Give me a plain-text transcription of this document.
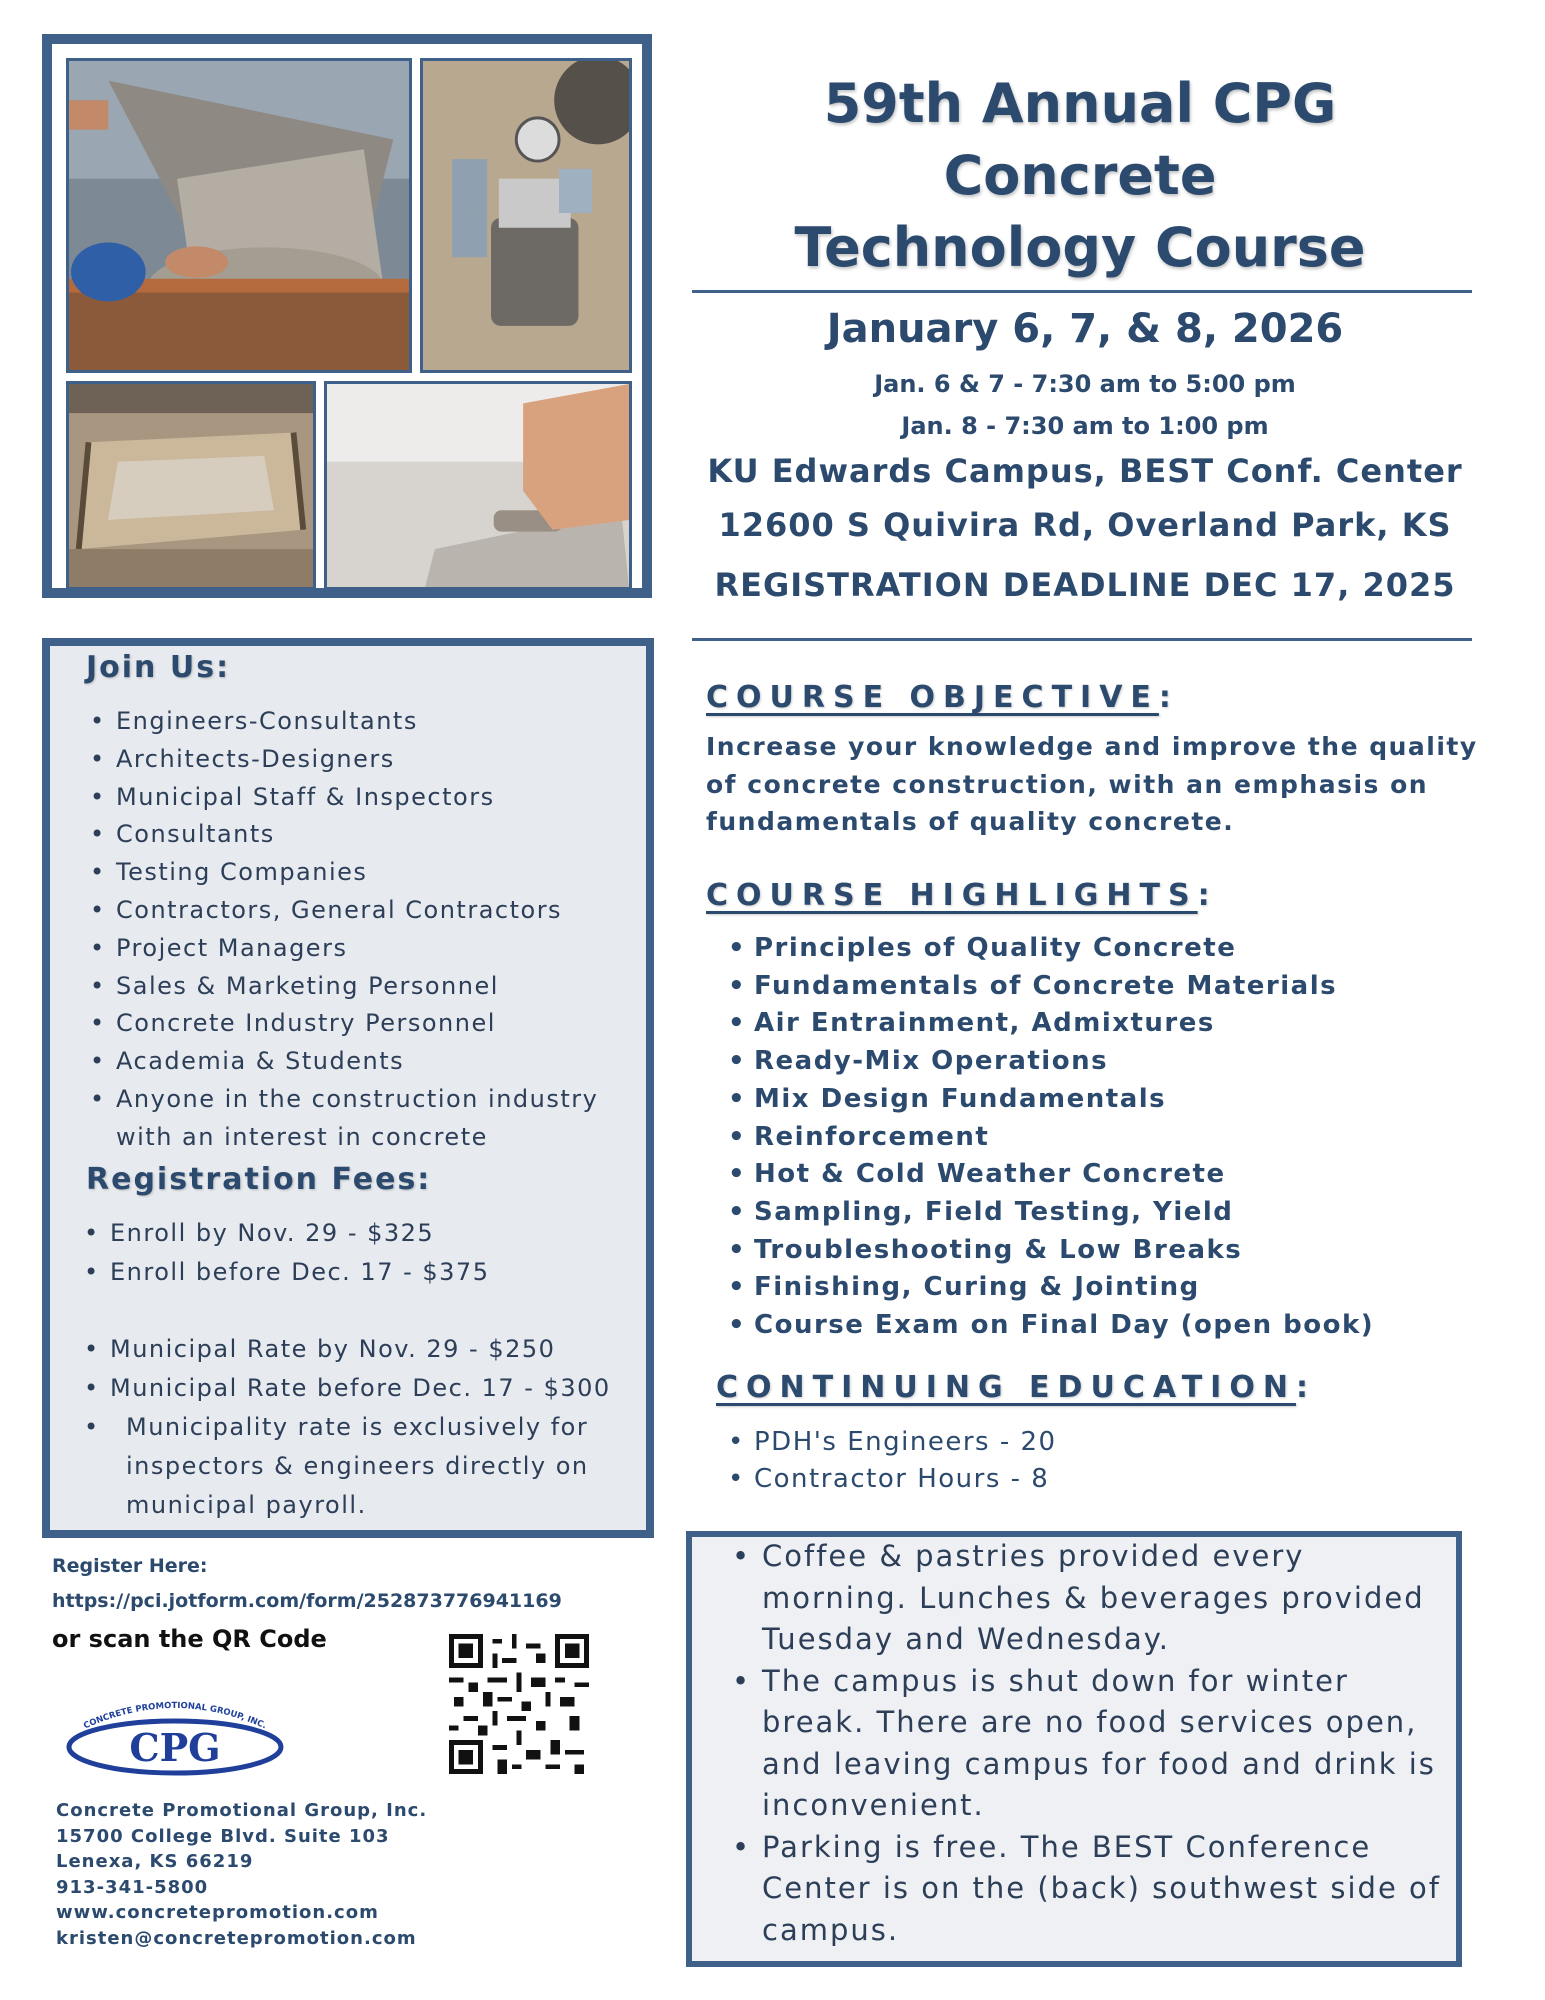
59th Annual CPG
Concrete
Technology Course
January 6, 7, & 8, 2026
Jan. 6 & 7 - 7:30 am to 5:00 pm
Jan. 8 - 7:30 am to 1:00 pm
KU Edwards Campus, BEST Conf. Center
12600 S Quivira Rd, Overland Park, KS
REGISTRATION DEADLINE DEC 17, 2025
Join Us:
• Engineers-Consultants
• Architects-Designers
• Municipal Staff & Inspectors
• Consultants
• Testing Companies
• Contractors, General Contractors
• Project Managers
• Sales & Marketing Personnel
• Concrete Industry Personnel
• Academia & Students
• Anyone in the construction industry with an interest in concrete
Registration Fees:
• Enroll by Nov. 29 - $325
• Enroll before Dec. 17 - $375
• Municipal Rate by Nov. 29 - $250
• Municipal Rate before Dec. 17 - $300
• Municipality rate is exclusively for inspectors & engineers directly on municipal payroll.
Register Here:
https://pci.jotform.com/form/252873776941169
or scan the QR Code
CONCRETE PROMOTIONAL GROUP, INC.
CPG
Concrete Promotional Group, Inc.
15700 College Blvd. Suite 103
Lenexa, KS 66219
913-341-5800
www.concretepromotion.com
kristen@concretepromotion.com
COURSE OBJECTIVE:
Increase your knowledge and improve the quality of concrete construction, with an emphasis on fundamentals of quality concrete.
COURSE HIGHLIGHTS:
• Principles of Quality Concrete
• Fundamentals of Concrete Materials
• Air Entrainment, Admixtures
• Ready-Mix Operations
• Mix Design Fundamentals
• Reinforcement
• Hot & Cold Weather Concrete
• Sampling, Field Testing, Yield
• Troubleshooting & Low Breaks
• Finishing, Curing & Jointing
• Course Exam on Final Day (open book)
CONTINUING EDUCATION:
• PDH's Engineers - 20
• Contractor Hours - 8
• Coffee & pastries provided every morning. Lunches & beverages provided Tuesday and Wednesday.
• The campus is shut down for winter break. There are no food services open, and leaving campus for food and drink is inconvenient.
• Parking is free. The BEST Conference Center is on the (back) southwest side of campus.
